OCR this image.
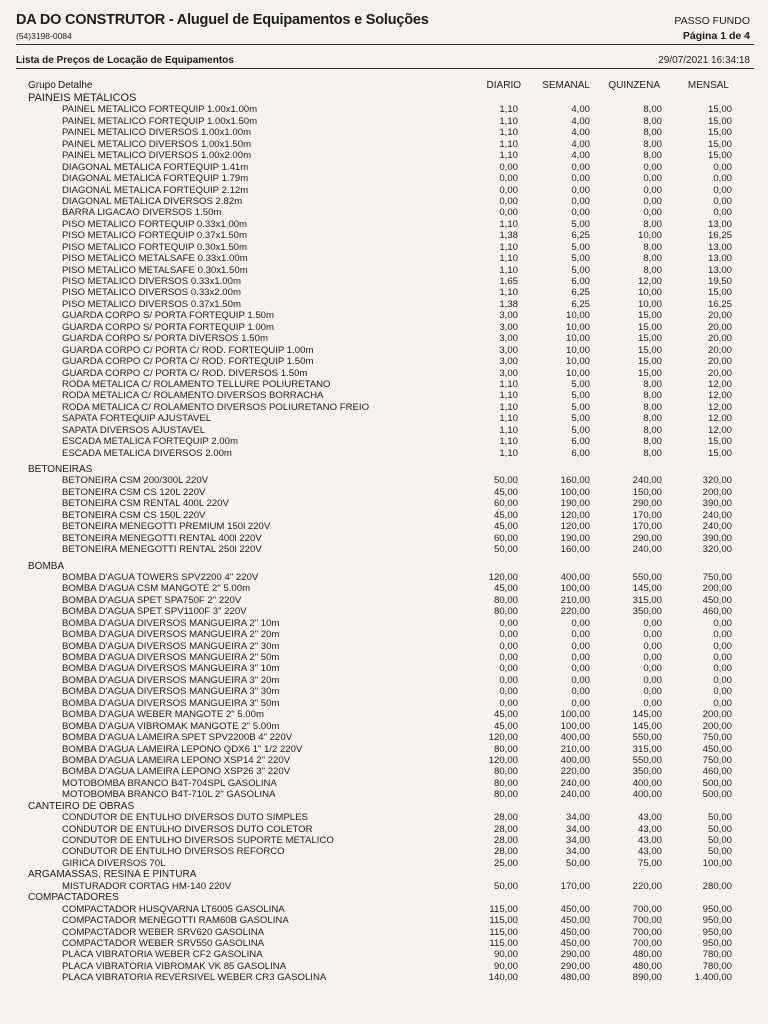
DA DO CONSTRUTOR - Aluguel de Equipamentos e Soluções	PASSO FUNDO
(54)3198-0084	Página 1 de 4
Lista de Preços de Locação de Equipamentos	29/07/2021 16:34:18
Grupo Detalhe	DIARIO	SEMANAL	QUINZENA	MENSAL
PAINEIS METALICOS
PAINEL METALICO FORTEQUIP 1.00x1.00m	1,10	4,00	8,00	15,00
PAINEL METALICO FORTEQUIP 1.00x1.50m	1,10	4,00	8,00	15,00
PAINEL METALICO DIVERSOS 1.00x1.00m	1,10	4,00	8,00	15,00
PAINEL METALICO DIVERSOS 1.00x1.50m	1,10	4,00	8,00	15,00
PAINEL METALICO DIVERSOS 1.00x2.00m	1,10	4,00	8,00	15,00
DIAGONAL METALICA FORTEQUIP 1.41m	0,00	0,00	0,00	0,00
DIAGONAL METALICA FORTEQUIP 1.79m	0,00	0,00	0,00	0,00
DIAGONAL METALICA FORTEQUIP 2.12m	0,00	0,00	0,00	0,00
DIAGONAL METALICA DIVERSOS 2.82m	0,00	0,00	0,00	0,00
BARRA LIGACAO DIVERSOS 1.50m	0,00	0,00	0,00	0,00
PISO METALICO FORTEQUIP 0.33x1.00m	1,10	5,00	8,00	13,00
PISO METALICO FORTEQUIP 0.37x1.50m	1,38	6,25	10,00	16,25
PISO METALICO FORTEQUIP 0.30x1.50m	1,10	5,00	8,00	13,00
PISO METALICO METALSAFE 0.33x1.00m	1,10	5,00	8,00	13,00
PISO METALICO METALSAFE 0.30x1.50m	1,10	5,00	8,00	13,00
PISO METALICO DIVERSOS 0.33x1.00m	1,65	6,00	12,00	19,50
PISO METALICO DIVERSOS 0.33x2.00m	1,10	6,25	10,00	15,00
PISO METALICO DIVERSOS 0.37x1.50m	1,38	6,25	10,00	16,25
GUARDA CORPO S/ PORTA FORTEQUIP 1.50m	3,00	10,00	15,00	20,00
GUARDA CORPO S/ PORTA FORTEQUIP 1.00m	3,00	10,00	15,00	20,00
GUARDA CORPO S/ PORTA DIVERSOS 1.50m	3,00	10,00	15,00	20,00
GUARDA CORPO C/ PORTA C/ ROD. FORTEQUIP 1.00m	3,00	10,00	15,00	20,00
GUARDA CORPO C/ PORTA C/ ROD. FORTEQUIP 1.50m	3,00	10,00	15,00	20,00
GUARDA CORPO C/ PORTA C/ ROD. DIVERSOS 1.50m	3,00	10,00	15,00	20,00
RODA METALICA C/ ROLAMENTO TELLURE POLIURETANO	1,10	5,00	8,00	12,00
RODA METALICA C/ ROLAMENTO DIVERSOS BORRACHA	1,10	5,00	8,00	12,00
RODA METALICA C/ ROLAMENTO DIVERSOS POLIURETANO FREIO	1,10	5,00	8,00	12,00
SAPATA FORTEQUIP AJUSTAVEL	1,10	5,00	8,00	12,00
SAPATA DIVERSOS AJUSTAVEL	1,10	5,00	8,00	12,00
ESCADA METALICA FORTEQUIP 2.00m	1,10	6,00	8,00	15,00
ESCADA METALICA DIVERSOS 2.00m	1,10	6,00	8,00	15,00
BETONEIRAS
BETONEIRA CSM 200/300L 220V	50,00	160,00	240,00	320,00
BETONEIRA CSM CS 120L 220V	45,00	100,00	150,00	200,00
BETONEIRA CSM RENTAL 400L 220V	60,00	190,00	290,00	390,00
BETONEIRA CSM CS 150L 220V	45,00	120,00	170,00	240,00
BETONEIRA MENEGOTTI PREMIUM 150l 220V	45,00	120,00	170,00	240,00
BETONEIRA MENEGOTTI RENTAL 400l 220V	60,00	190,00	290,00	390,00
BETONEIRA MENEGOTTI RENTAL 250l 220V	50,00	160,00	240,00	320,00
BOMBA
BOMBA D'AGUA TOWERS SPV2200 4" 220V	120,00	400,00	550,00	750,00
BOMBA D'AGUA CSM MANGOTE 2" 5.00m	45,00	100,00	145,00	200,00
BOMBA D'AGUA SPET SPA750F 2" 220V	80,00	210,00	315,00	450,00
BOMBA D'AGUA SPET SPV1100F 3" 220V	80,00	220,00	350,00	460,00
BOMBA D'AGUA DIVERSOS MANGUEIRA 2" 10m	0,00	0,00	0,00	0,00
BOMBA D'AGUA DIVERSOS MANGUEIRA 2" 20m	0,00	0,00	0,00	0,00
BOMBA D'AGUA DIVERSOS MANGUEIRA 2" 30m	0,00	0,00	0,00	0,00
BOMBA D'AGUA DIVERSOS MANGUEIRA 2" 50m	0,00	0,00	0,00	0,00
BOMBA D'AGUA DIVERSOS MANGUEIRA 3" 10m	0,00	0,00	0,00	0,00
BOMBA D'AGUA DIVERSOS MANGUEIRA 3" 20m	0,00	0,00	0,00	0,00
BOMBA D'AGUA DIVERSOS MANGUEIRA 3" 30m	0,00	0,00	0,00	0,00
BOMBA D'AGUA DIVERSOS MANGUEIRA 3" 50m	0,00	0,00	0,00	0,00
BOMBA D'AGUA WEBER MANGOTE 2" 5.00m	45,00	100,00	145,00	200,00
BOMBA D'AGUA VIBROMAK MANGOTE 2" 5.00m	45,00	100,00	145,00	200,00
BOMBA D'AGUA LAMEIRA SPET SPV2200B 4" 220V	120,00	400,00	550,00	750,00
BOMBA D'AGUA LAMEIRA LEPONO QDX6 1" 1/2 220V	80,00	210,00	315,00	450,00
BOMBA D'AGUA LAMEIRA LEPONO XSP14 2" 220V	120,00	400,00	550,00	750,00
BOMBA D'AGUA LAMEIRA LEPONO XSP26 3" 220V	80,00	220,00	350,00	460,00
MOTOBOMBA BRANCO B4T-704SPL GASOLINA	80,00	240,00	400,00	500,00
MOTOBOMBA BRANCO B4T-710L 2" GASOLINA	80,00	240,00	400,00	500,00
CANTEIRO DE OBRAS
CONDUTOR DE ENTULHO DIVERSOS DUTO SIMPLES	28,00	34,00	43,00	50,00
CONDUTOR DE ENTULHO DIVERSOS DUTO COLETOR	28,00	34,00	43,00	50,00
CONDUTOR DE ENTULHO DIVERSOS SUPORTE METALICO	28,00	34,00	43,00	50,00
CONDUTOR DE ENTULHO DIVERSOS REFORCO	28,00	34,00	43,00	50,00
GIRICA DIVERSOS 70L	25,00	50,00	75,00	100,00
ARGAMASSAS, RESINA E PINTURA
MISTURADOR CORTAG HM-140 220V	50,00	170,00	220,00	280,00
COMPACTADORES
COMPACTADOR HUSQVARNA LT6005 GASOLINA	115,00	450,00	700,00	950,00
COMPACTADOR MENEGOTTI RAM60B GASOLINA	115,00	450,00	700,00	950,00
COMPACTADOR WEBER SRV620 GASOLINA	115,00	450,00	700,00	950,00
COMPACTADOR WEBER SRV550 GASOLINA	115,00	450,00	700,00	950,00
PLACA VIBRATORIA WEBER CF2 GASOLINA	90,00	290,00	480,00	780,00
PLACA VIBRATORIA VIBROMAK VK 85 GASOLINA	90,00	290,00	480,00	780,00
PLACA VIBRATORIA REVERSIVEL WEBER CR3 GASOLINA	140,00	480,00	890,00	1.400,00
